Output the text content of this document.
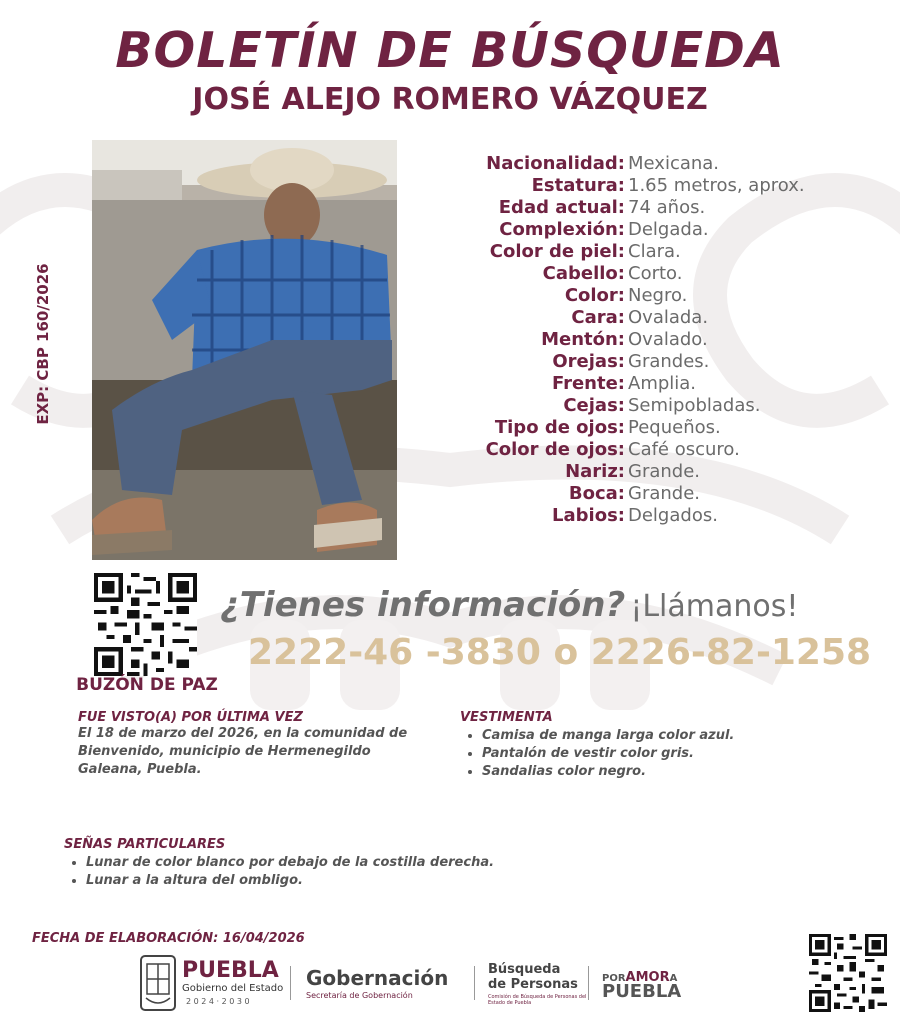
BOLETÍN DE BÚSQUEDA
JOSÉ ALEJO ROMERO VÁZQUEZ
EXP: CBP 160/2026
Nacionalidad: Mexicana.
Estatura: 1.65 metros, aprox.
Edad actual: 74 años.
Complexión: Delgada.
Color de piel: Clara.
Cabello: Corto.
Color: Negro.
Cara: Ovalada.
Mentón: Ovalado.
Orejas: Grandes.
Frente: Amplia.
Cejas: Semipobladas.
Tipo de ojos: Pequeños.
Color de ojos: Café oscuro.
Nariz: Grande.
Boca: Grande.
Labios: Delgados.
BUZÓN DE PAZ
¿Tienes información? ¡Llámanos!
2222-46 -3830 o 2226-82-1258
FUE VISTO(A) POR ÚLTIMA VEZ
El 18 de marzo del 2026, en la comunidad de Bienvenido, municipio de Hermenegildo Galeana, Puebla.
VESTIMENTA
• Camisa de manga larga color azul.
• Pantalón de vestir color gris.
• Sandalias color negro.
SEÑAS PARTICULARES
• Lunar de color blanco por debajo de la costilla derecha.
• Lunar a la altura del ombligo.
FECHA DE ELABORACIÓN: 16/04/2026
PUEBLA
Gobierno del Estado
2 0 2 4 · 2 0 3 0
Gobernación
Secretaría de Gobernación
Búsqueda
de Personas
Comisión de Búsqueda de Personas del Estado de Puebla
PORAMORA
PUEBLA
